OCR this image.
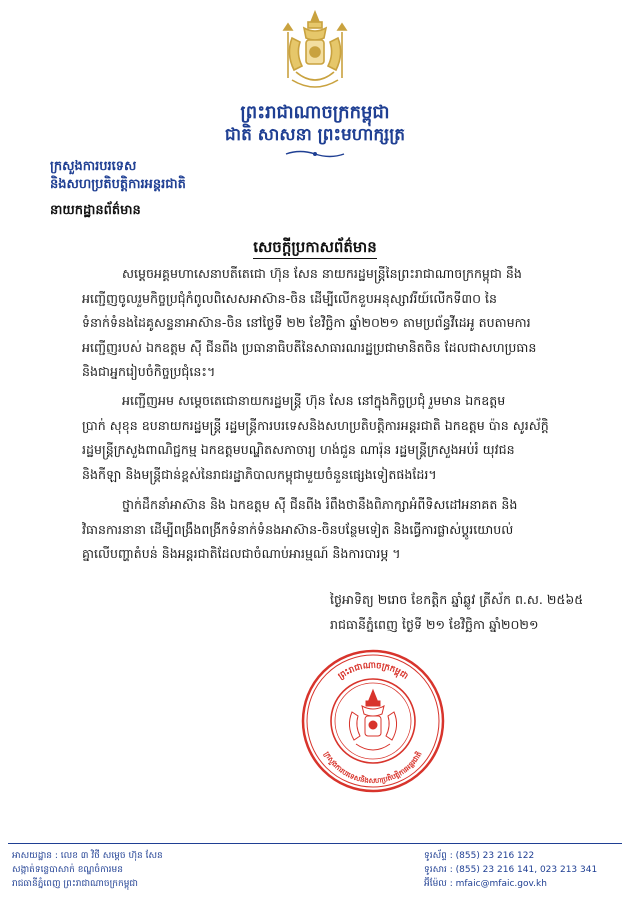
ព្រះរាជាណាចក្រកម្ពុជា
ជាតិ សាសនា ព្រះមហាក្សត្រ
ក្រសួងការបរទេស
និងសហប្រតិបត្តិការអន្តរជាតិ
នាយកដ្ឋានព័ត៌មាន
សេចក្តីប្រកាសព័ត៌មាន
សម្តេចអគ្គមហាសេនាបតីតេជោ ហ៊ុន សែន នាយករដ្ឋមន្ត្រីនៃព្រះរាជាណាចក្រកម្ពុជា នឹង
អញ្ជើញចូលរួមកិច្ចប្រជុំកំពូលពិសេសអាស៊ាន-ចិន ដើម្បីលើកខួបអនុស្សាវរីយ៍លើកទី៣០ នៃ
ទំនាក់ទំនងដៃគូសន្ទនាអាស៊ាន-ចិន នៅថ្ងៃទី ២២ ខែវិច្ឆិកា ឆ្នាំ២០២១ តាមប្រព័ន្ធវីដេអូ តបតាមការ
អញ្ជើញរបស់ ឯកឧត្តម ស៊ី ជីនពីង ប្រធានាធិបតីនៃសាធារណរដ្ឋប្រជាមានិតចិន ដែលជាសហប្រធាន
និងជាអ្នករៀបចំកិច្ចប្រជុំនេះ។
អញ្ជើញអម សម្តេចតេជោនាយករដ្ឋមន្ត្រី ហ៊ុន សែន នៅក្នុងកិច្ចប្រជុំ រួមមាន ឯកឧត្តម
ប្រាក់ សុខុន ឧបនាយករដ្ឋមន្ត្រី រដ្ឋមន្ត្រីការបរទេសនិងសហប្រតិបត្តិការអន្តរជាតិ ឯកឧត្តម ប៉ាន សូរស័ក្តិ
រដ្ឋមន្ត្រីក្រសួងពាណិជ្ជកម្ម ឯកឧត្តមបណ្ឌិតសភាចារ្យ ហង់ជួន ណារ៉ុន រដ្ឋមន្ត្រីក្រសួងអប់រំ យុវជន
និងកីឡា និងមន្ត្រីជាន់ខ្ពស់នៃរាជរដ្ឋាភិបាលកម្ពុជាមួយចំនួនផ្សេងទៀតផងដែរ។
ថ្នាក់ដឹកនាំអាស៊ាន និង ឯកឧត្តម ស៊ី ជីនពីង រំពឹងថានឹងពិភាក្សាអំពីទិសដៅអនាគត និង
វិធានការនានា ដើម្បីពង្រឹងពង្រីកទំនាក់ទំនងអាស៊ាន-ចិនបន្ថែមទៀត និងធ្វើការផ្លាស់ប្តូរយោបល់
គ្នាលើបញ្ហាតំបន់ និងអន្តរជាតិដែលជាចំណាប់អារម្មណ៍ និងការបារម្ភ ។
ថ្ងៃអាទិត្យ ២រោច ខែកត្តិក ឆ្នាំឆ្លូវ ត្រីស័ក ព.ស. ២៥៦៥
រាជធានីភ្នំពេញ ថ្ងៃទី ២១ ខែវិច្ឆិកា ឆ្នាំ២០២១
ព្រះរាជាណាចក្រកម្ពុជា
ក្រសួងការបរទេសនិងសហប្រតិបត្តិការអន្តរជាតិ
អាសយដ្ឋាន : លេខ ៣ វិថី សម្តេច ហ៊ុន សែន
សង្កាត់ទន្លេបាសាក់ ខណ្ឌចំការមន
រាជធានីភ្នំពេញ ព្រះរាជាណាចក្រកម្ពុជា
ទូរស័ព្ទ : (855) 23 216 122
ទូរសារ : (855) 23 216 141, 023 213 341
អ៊ីម៉ែល : mfaic@mfaic.gov.kh
